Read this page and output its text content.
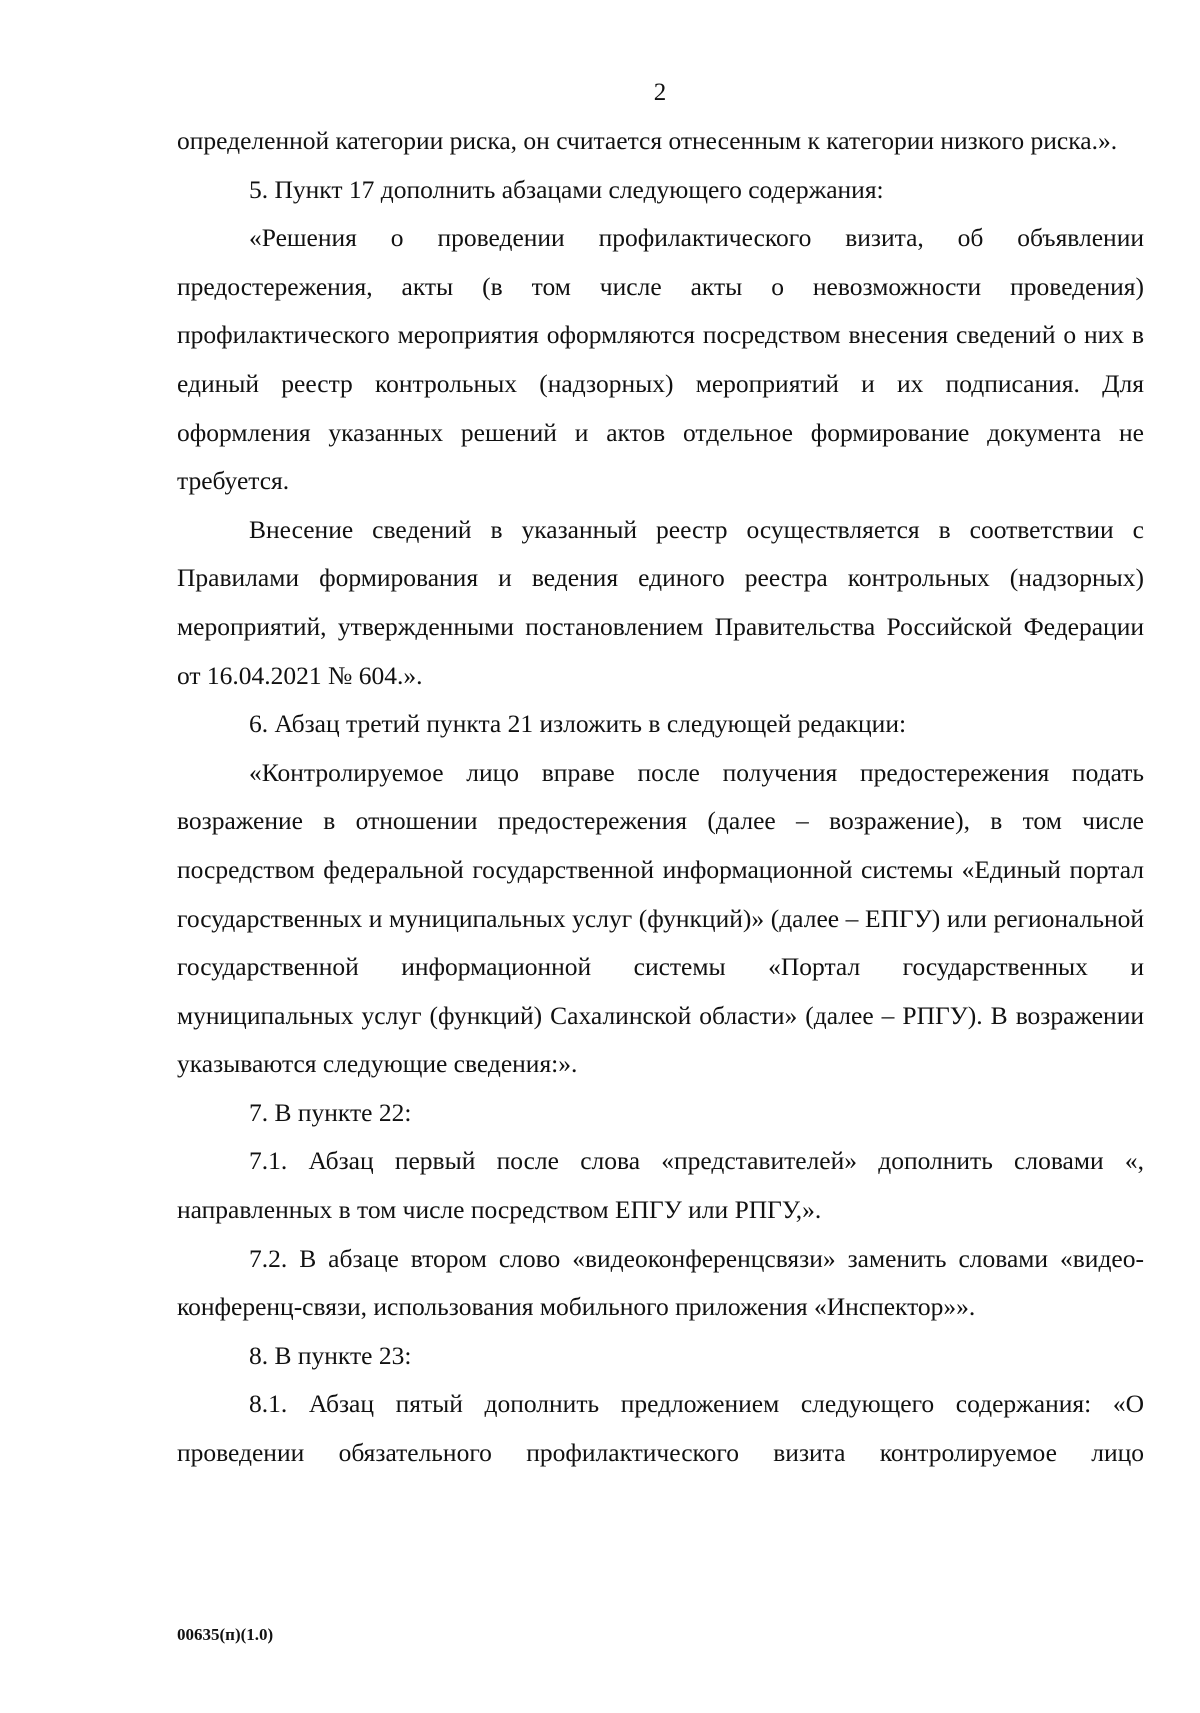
2

определенной категории риска, он считается отнесенным к категории низкого риска.».

5. Пункт 17 дополнить абзацами следующего содержания:

«Решения о проведении профилактического визита, об объявлении предостережения, акты (в том числе акты о невозможности проведения) профилактического мероприятия оформляются посредством внесения сведений о них в единый реестр контрольных (надзорных) мероприятий и их подписания. Для оформления указанных решений и актов отдельное формирование документа не требуется.

Внесение сведений в указанный реестр осуществляется в соответствии с Правилами формирования и ведения единого реестра контрольных (надзорных) мероприятий, утвержденными постановлением Правительства Российской Федерации от 16.04.2021 № 604.».

6. Абзац третий пункта 21 изложить в следующей редакции:

«Контролируемое лицо вправе после получения предостережения подать возражение в отношении предостережения (далее – возражение), в том числе посредством федеральной государственной информационной системы «Единый портал государственных и муниципальных услуг (функций)» (далее – ЕПГУ) или региональной государственной информационной системы «Портал государственных и муниципальных услуг (функций) Сахалинской области» (далее – РПГУ). В возражении указываются следующие сведения:».

7. В пункте 22:

7.1. Абзац первый после слова «представителей» дополнить словами «, направленных в том числе посредством ЕПГУ или РПГУ,».

7.2. В абзаце втором слово «видеоконференцсвязи» заменить словами «видео-конференц-связи, использования мобильного приложения «Инспектор»».

8. В пункте 23:

8.1. Абзац пятый дополнить предложением следующего содержания: «О проведении обязательного профилактического визита контролируемое лицо

00635(п)(1.0)
